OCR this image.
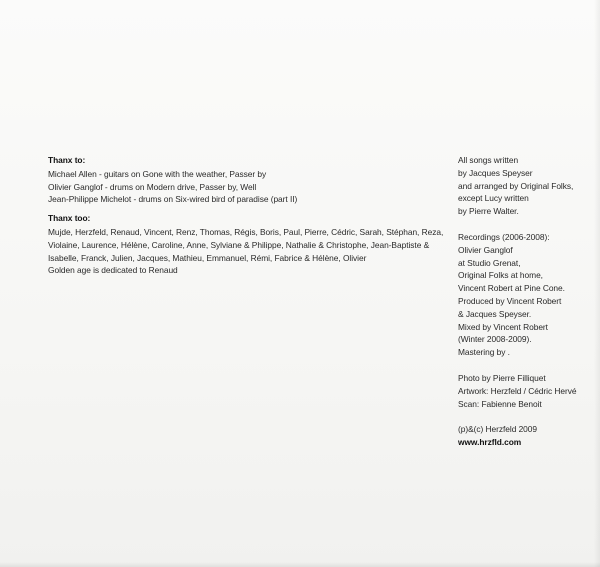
Thanx to:
Michael Allen - guitars on Gone with the weather, Passer by
Olivier Ganglof - drums on Modern drive, Passer by, Well
Jean-Philippe Michelot - drums on Six-wired bird of paradise (part II)
Thanx too:
Mujde, Herzfeld, Renaud, Vincent, Renz, Thomas, Régis, Boris, Paul, Pierre, Cédric, Sarah, Stéphan, Reza,
Violaine, Laurence, Hélène, Caroline, Anne, Sylviane & Philippe, Nathalie & Christophe, Jean-Baptiste &
Isabelle, Franck, Julien, Jacques, Mathieu, Emmanuel, Rémi, Fabrice & Hélène, Olivier
Golden age is dedicated to Renaud
All songs written
by Jacques Speyser
and arranged by Original Folks,
except Lucy written
by Pierre Walter.
Recordings (2006-2008):
Olivier Ganglof
at Studio Grenat,
Original Folks at home,
Vincent Robert at Pine Cone.
Produced by Vincent Robert
& Jacques Speyser.
Mixed by Vincent Robert
(Winter 2008-2009).
Mastering by .
Photo by Pierre Filliquet
Artwork: Herzfeld / Cédric Hervé
Scan: Fabienne Benoit
(p)&(c) Herzfeld 2009
www.hrzfld.com
